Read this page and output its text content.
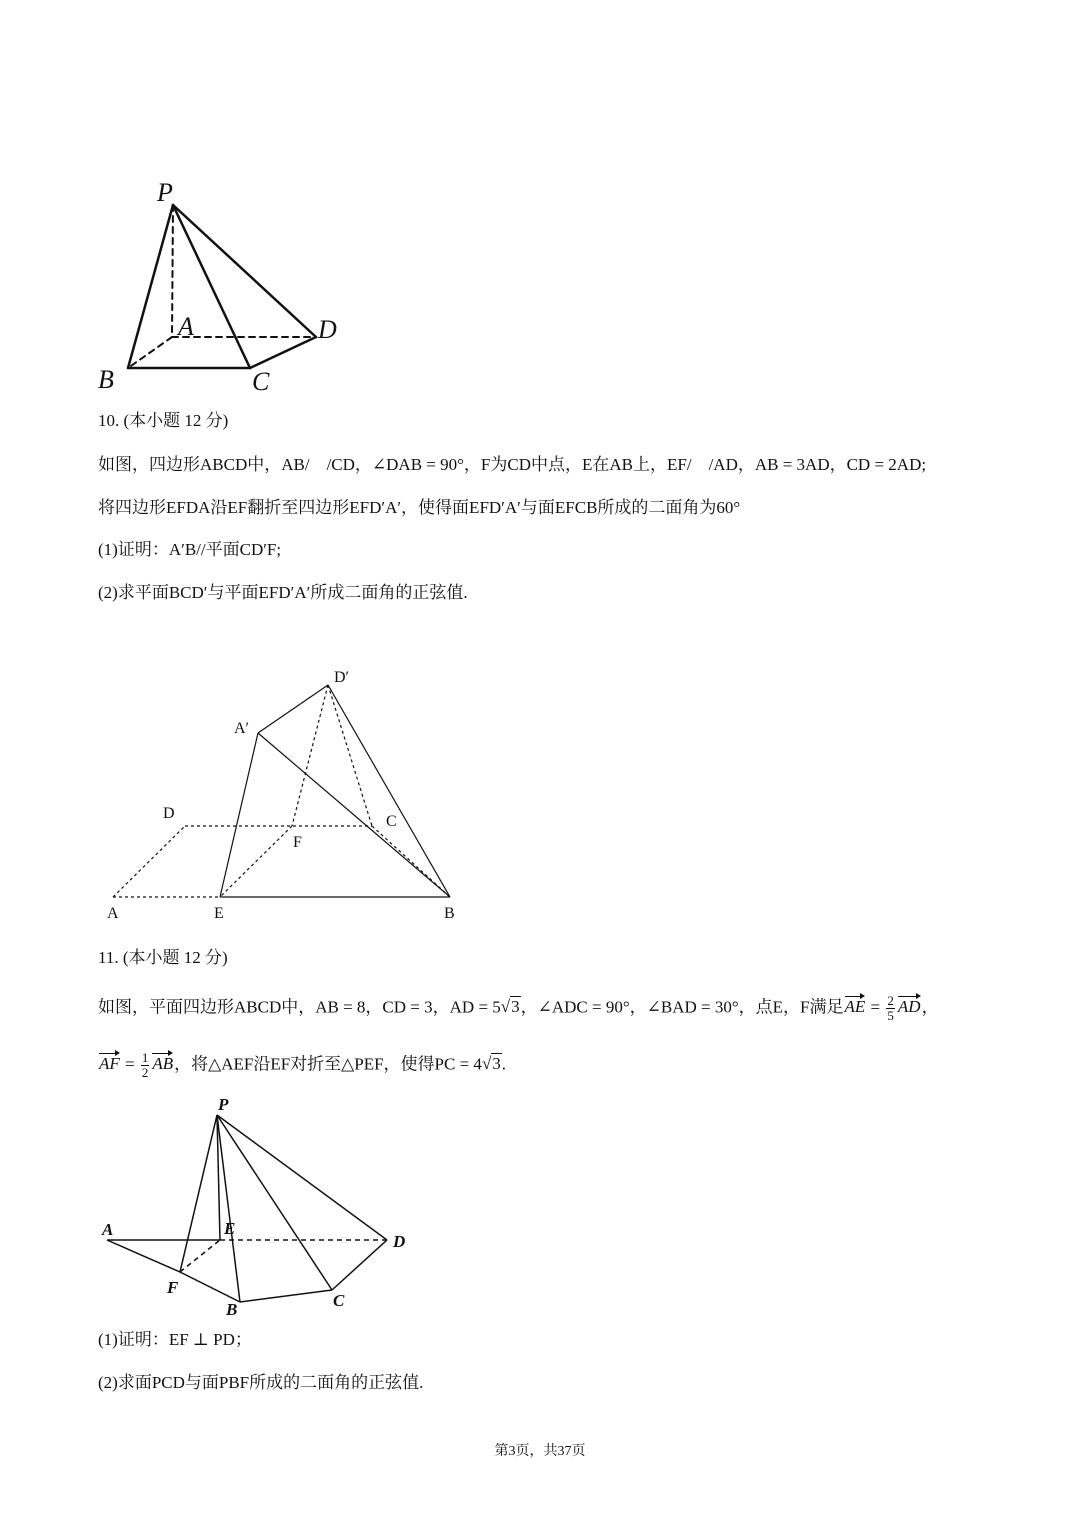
P
A
B	C
D
D′
A′
D	C
F
A	E	B
P
A	E
D
F
B	C
10. (本小题 12 分)
如图，四边形ABCD中，AB/　/CD，∠DAB = 90°，F为CD中点，E在AB上，EF/　/AD，AB = 3AD，CD = 2AD;
将四边形EFDA沿EF翻折至四边形EFD′A′，使得面EFD′A′与面EFCB所成的二面角为60°
(1)证明：A′B//平面CD′F;
(2)求平面BCD′与平面EFD′A′所成二面角的正弦值.
11. (本小题 12 分)
如图，平面四边形ABCD中，AB = 8，CD = 3，AD = 5 √ 3，∠ADC = 90°，∠BAD = 30°，点E，F满足AE = $\frac{2}{5}$ AD，
AF = $\frac{1}{2}$ AB，将△AEF沿EF对折至△PEF，使得PC = 4 √ 3.
(1)证明：EF ⊥ PD；
(2)求面PCD与面PBF所成的二面角的正弦值.
第3页，共37页
